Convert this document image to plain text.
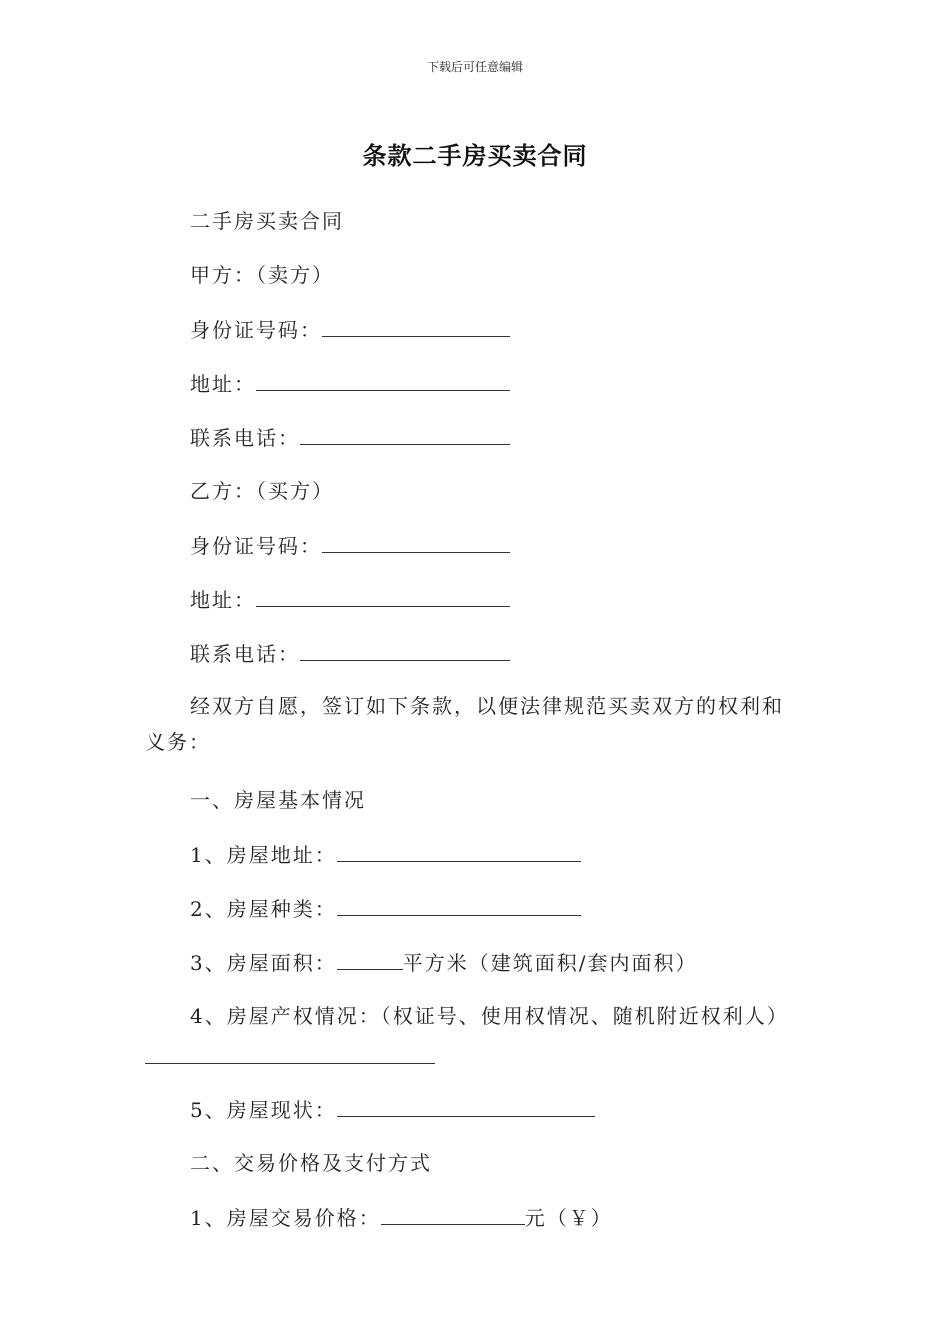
下载后可任意编辑
条款二手房买卖合同
二手房买卖合同
甲方：（卖方）
身份证号码：
地址：
联系电话：
乙方：（买方）
身份证号码：
地址：
联系电话：
经双方自愿，签订如下条款，以便法律规范买卖双方的权利和义务：
一、房屋基本情况
1、房屋地址：
2、房屋种类：
3、房屋面积：	平方米（建筑面积/套内面积）
4、房屋产权情况：（权证号、使用权情况、随机附近权利人）
5、房屋现状：
二、交易价格及支付方式
1、房屋交易价格：	元（￥）
